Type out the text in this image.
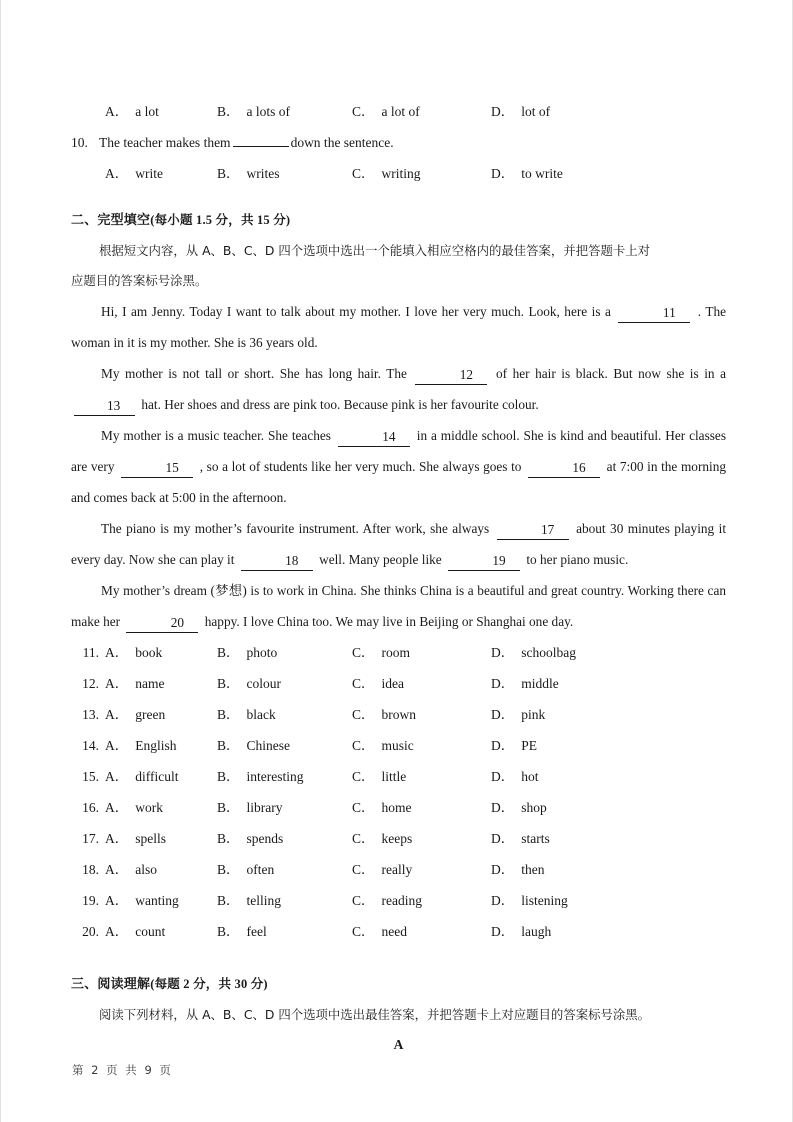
A． a lot	B． a lots of	C． a lot of	D． lot of
10. The teacher makes them	down the sentence.
A． write	B． writes	C． writing	D． to write
二、完型填空(每小题 1.5 分，共 15 分)
根据短文内容，从 A、B、C、D 四个选项中选出一个能填入相应空格内的最佳答案，并把答题卡上对
应题目的答案标号涂黑。
Hi, I am Jenny. Today I want to talk about my mother. I love her very much. Look, here is a	11 . The woman in it is my mother. She is 36 years old.
My mother is not tall or short. She has long hair. The	12 of her hair is black. But now she is in a 13 hat. Her shoes and dress are pink too. Because pink is her favourite colour.
My mother is a music teacher. She teaches	14 in a middle school. She is kind and beautiful. Her classes are very	15 , so a lot of students like her very much. She always goes to	16 at 7:00 in the morning and comes back at 5:00 in the afternoon.
The piano is my mother’s favourite instrument. After work, she always	17 about 30 minutes playing it every day. Now she can play it	18 well. Many people like	19 to her piano music.
My mother’s dream (梦想) is to work in China. She thinks China is a beautiful and great country. Working there can make her	20 happy. I love China too. We may live in Beijing or Shanghai one day.
11. A． book	B． photo	C． room	D． schoolbag
12. A． name	B． colour	C． idea	D． middle
13. A． green	B． black	C． brown	D． pink
14. A． English	B． Chinese	C． music	D． PE
15. A． difficult	B． interesting	C． little	D． hot
16. A． work	B． library	C． home	D． shop
17. A． spells	B． spends	C． keeps	D． starts
18. A． also	B． often	C． really	D． then
19. A． wanting	B． telling	C． reading	D． listening
20. A． count	B． feel	C． need	D． laugh
三、阅读理解(每题 2 分，共 30 分)
阅读下列材料，从 A、B、C、D 四个选项中选出最佳答案，并把答题卡上对应题目的答案标号涂黑。
A
第 2 页 共 9 页
